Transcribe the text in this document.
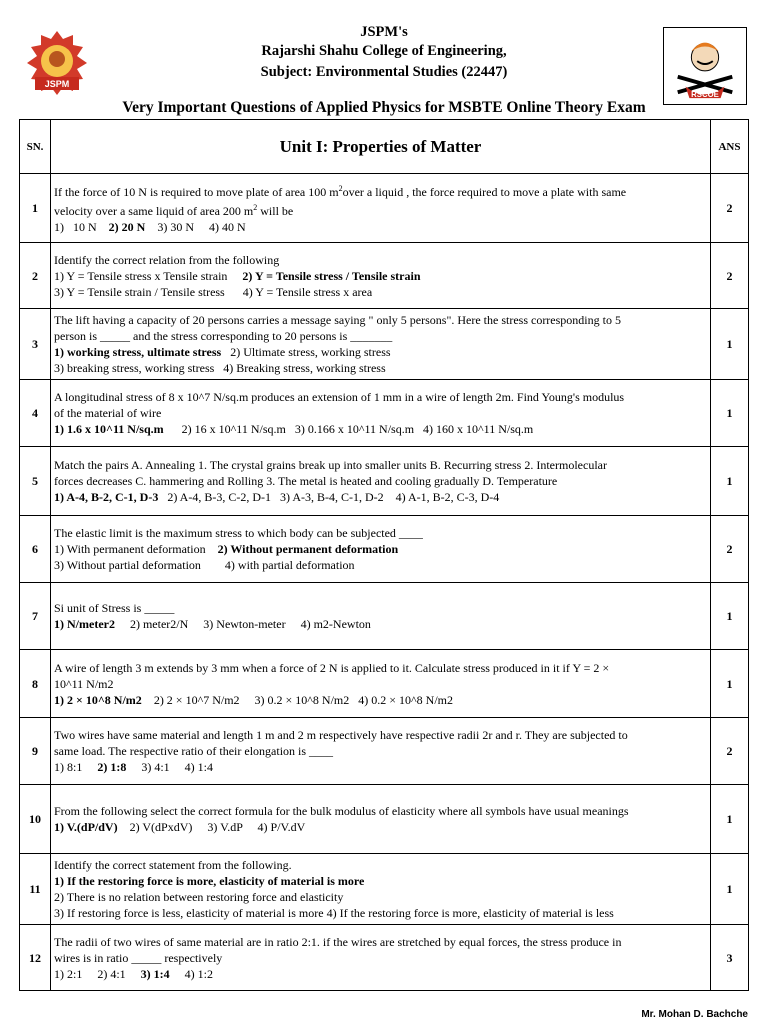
JSPM
JSPM's
Rajarshi Shahu College of Engineering,
Subject: Environmental Studies (22447)
RSCOE
Very Important Questions of Applied Physics for MSBTE Online Theory Exam
SN.	Unit I: Properties of Matter	ANS
1	If the force of 10 N is required to move plate of area 100 $m^2over$ a liquid , the force required to move a plate with same
velocity over a same liquid of area 200 $m^2$ will be
1)   10 N    2) 20 N    3) 30 N     4) 40 N	2
2	Identify the correct relation from the following
1) Y = Tensile stress x Tensile strain     2) Y = Tensile stress / Tensile strain
3) Y = Tensile strain / Tensile stress      4) Y = Tensile stress x area	2
3	The lift having a capacity of 20 persons carries a message saying " only 5 persons". Here the stress corresponding to 5
person is _____ and the stress corresponding to 20 persons is _______
1) working stress, ultimate stress   2) Ultimate stress, working stress
3) breaking stress, working stress   4) Breaking stress, working stress	1
4	A longitudinal stress of 8 x 10^7 N/sq.m produces an extension of 1 mm in a wire of length 2m. Find Young's modulus
of the material of wire
1) 1.6 x 10^11 N/sq.m      2) 16 x 10^11 N/sq.m   3) 0.166 x 10^11 N/sq.m   4) 160 x 10^11 N/sq.m	1
5	Match the pairs A. Annealing 1. The crystal grains break up into smaller units B. Recurring stress 2. Intermolecular
forces decreases C. hammering and Rolling 3. The metal is heated and cooling gradually D. Temperature
1) A-4, B-2, C-1, D-3   2) A-4, B-3, C-2, D-1   3) A-3, B-4, C-1, D-2    4) A-1, B-2, C-3, D-4	1
6	The elastic limit is the maximum stress to which body can be subjected ____
1) With permanent deformation    2) Without permanent deformation
3) Without partial deformation        4) with partial deformation	2
7	Si unit of Stress is _____
1) N/meter2     2) meter2/N     3) Newton-meter     4) m2-Newton	1
8	A wire of length 3 m extends by 3 mm when a force of 2 N is applied to it. Calculate stress produced in it if Y = 2 ×
10^11 N/m2
1) 2 × 10^8 N/m2    2) 2 × 10^7 N/m2     3) 0.2 × 10^8 N/m2   4) 0.2 × 10^8 N/m2	1
9	Two wires have same material and length 1 m and 2 m respectively have respective radii 2r and r. They are subjected to
same load. The respective ratio of their elongation is ____
1) 8:1     2) 1:8     3) 4:1     4) 1:4	2
10	From the following select the correct formula for the bulk modulus of elasticity where all symbols have usual meanings
1) V.(dP/dV)    2) V(dPxdV)     3) V.dP     4) P/V.dV	1
11	Identify the correct statement from the following.
1) If the restoring force is more, elasticity of material is more
2) There is no relation between restoring force and elasticity
3) If restoring force is less, elasticity of material is more 4) If the restoring force is more, elasticity of material is less	1
12	The radii of two wires of same material are in ratio 2:1. if the wires are stretched by equal forces, the stress produce in
wires is in ratio _____ respectively
1) 2:1     2) 4:1     3) 1:4     4) 1:2	3
Mr. Mohan D. Bachche
